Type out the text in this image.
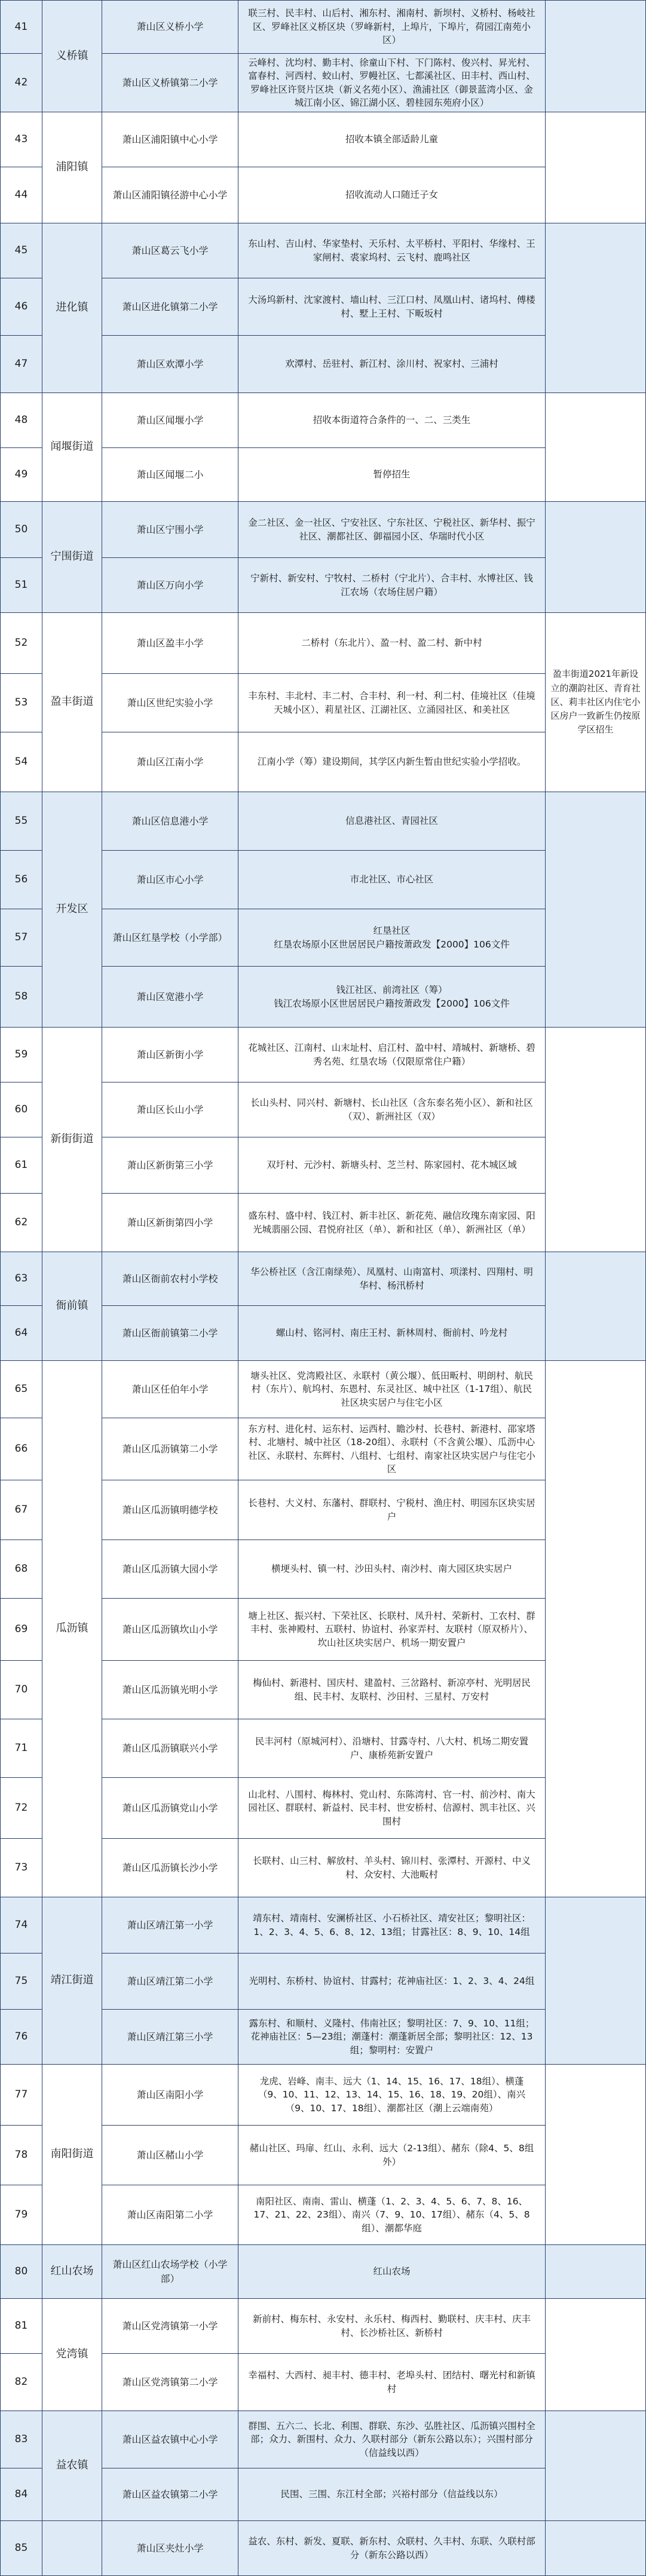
41	义桥镇	萧山区义桥小学	联三村、民丰村、山后村、湘东村、湘南村、新坝村、义桥村、杨岐社区、罗峰社区义桥区块（罗峰新村，上埠片，下埠片，荷园江南苑小区）	
42		萧山区义桥镇第二小学	云峰村、沈均村、勤丰村、徐童山下村、下门陈村、俊兴村、昇光村、富春村、河西村、蛟山村、罗幔社区、七都溪社区、田丰村、西山村、罗峰社区许贤片区块（新义名苑小区）、渔浦社区（御景蓝湾小区、金城江南小区、锦江湖小区、碧桂园东苑府小区）	
43	浦阳镇	萧山区浦阳镇中心小学	招收本镇全部适龄儿童	
44		萧山区浦阳镇径游中心小学	招收流动人口随迁子女	
45	进化镇	萧山区葛云飞小学	东山村、吉山村、华家垫村、天乐村、太平桥村、平阳村、华缘村、王家闸村、裘家坞村、云飞村、鹿鸣社区	
46		萧山区进化镇第二小学	大汤坞新村、沈家渡村、墙山村、三江口村、凤凰山村、诸坞村、傅楼村、墅上王村、下畈坂村	
47		萧山区欢潭小学	欢潭村、岳驻村、新江村、涂川村、祝家村、三浦村	
48	闻堰街道	萧山区闻堰小学	招收本街道符合条件的一、二、三类生	
49		萧山区闻堰二小	暂停招生	
50	宁围街道	萧山区宁围小学	金二社区、金一社区、宁安社区、宁东社区、宁税社区、新华村、振宁社区、潮都社区、御福园小区、华瑞时代小区	
51		萧山区万向小学	宁新村、新安村、宁牧村、二桥村（宁北片）、合丰村、水博社区、钱江农场（农场住居户籍）	
52	盈丰街道	萧山区盈丰小学	二桥村（东北片）、盈一村、盈二村、新中村	盈丰街道2021年新设立的潮韵社区、青育社区、莉丰社区内住宅小区房户一致新生仍按原学区招生
53		萧山区世纪实验小学	丰东村、丰北村、丰二村、合丰村、利一村、利二村、佳境社区（佳境天城小区）、莉星社区、江湖社区、立涌园社区、和美社区	
54		萧山区江南小学	江南小学（筹）建设期间，其学区内新生暂由世纪实验小学招收。	
55	开发区	萧山区信息港小学	信息港社区、青园社区	
56		萧山区市心小学	市北社区、市心社区	
57		萧山区红垦学校（小学部）	红垦社区
红垦农场原小区世居居民户籍按萧政发【2000】106文件	
58		萧山区宽港小学	钱江社区、前湾社区（筹）
钱江农场原小区世居居民户籍按萧政发【2000】106文件	
59	新街街道	萧山区新街小学	花城社区、江南村、山末址村、启江村、盈中村、靖城村、新塘桥、碧秀名苑、红垦农场（仅限原常住户籍）	
60		萧山区长山小学	长山头村、同兴村、新塘村、长山社区（含东泰名苑小区）、新和社区（双）、新洲社区（双）	
61		萧山区新街第三小学	双圩村、元沙村、新塘头村、芝兰村、陈家园村、花木城区域	
62		萧山区新街第四小学	盛东村、盛中村、钱江村、新丰社区、新花苑、融信玫瑰东南家园、阳光城翡丽公园、君悦府社区（单）、新和社区（单）、新洲社区（单）	
63	衙前镇	萧山区衙前农村小学校	华公桥社区（含江南绿苑）、凤凰村、山南富村、项漾村、四翔村、明华村、杨汛桥村	
64		萧山区衙前镇第二小学	螺山村、铭河村、南庄王村、新林周村、衙前村、吟龙村	
65	瓜沥镇	萧山区任伯年小学	塘头社区、党湾殿社区、永联村（黄公堰）、低田畈村、明朗村、航民村（东片）、航坞村、东恩村、东灵社区、城中社区（1-17组）、航民社区块实居户与住宅小区	
66		萧山区瓜沥镇第二小学	东方村、进化村、运东村、运西村、瞻沙村、长巷村、新港村、邵家塔村、北塘村、城中社区（18-20组）、永联村（不含黄公堰）、瓜沥中心社区、永联村、东辉村、八组村、七组村、南家社区块实居户与住宅小区	
67		萧山区瓜沥镇明德学校	长巷村、大义村、东藩村、群联村、宁税村、渔庄村、明园东区块实居户	
68		萧山区瓜沥镇大园小学	横埂头村、镇一村、沙田头村、南沙村、南大园区块实居户	
69		萧山区瓜沥镇坎山小学	塘上社区、振兴村、下荣社区、长联村、凤升村、荣新村、工农村、群丰村、张神殿村、五联村、协谊村、孙家弄村、友联村（原双桥片）、坎山社区块实居户、机场一期安置户	
70		萧山区瓜沥镇光明小学	梅仙村、新港村、国庆村、建盈村、三岔路村、新凉亭村、光明居民组、民丰村、友联村、沙田村、三星村、万安村	
71		萧山区瓜沥镇联兴小学	民丰河村（原城河村）、沿塘村、甘露寺村、八大村、机场二期安置户、康桥苑新安置户	
72		萧山区瓜沥镇党山小学	山北村、八围村、梅林村、党山村、东陈湾村、官一村、前沙村、南大园社区、群联村、新益村、民丰村、世安桥村、信源村、凯丰社区、兴围村	
73		萧山区瓜沥镇长沙小学	长联村、山三村、解放村、羊头村、锦川村、张潭村、开源村、中义村、众安村、大池畈村	
74	靖江街道	萧山区靖江第一小学	靖东村、靖南村、安澜桥社区、小石桥社区、靖安社区；黎明社区：1、2、3、4、5、6、8、12、13组；甘露社区：8、9、10、14组	
75		萧山区靖江第二小学	光明村、东桥村、协谊村、甘露村；花神庙社区：1、2、3、4、24组	
76		萧山区靖江第三小学	露东村、和顺村、义隆村、伟南社区；黎明社区：7、9、10、11组；花神庙社区：5—23组；潮蓬村：潮蓬新居全部；黎明社区：12、13组；黎明村：安置户	
77	南阳街道	萧山区南阳小学	龙虎、岩峰、南丰、远大（1、14、15、16、17、18组）、横蓬（9、10、11、12、13、14、15、16、18、19、20组）、南兴（9、10、17、18组）、潮都社区（潮上云端南苑）	
78		萧山区赭山小学	赭山社区、玛扉、红山、永利、远大（2-13组）、赭东（除4、5、8组外）	
79		萧山区南阳第二小学	南阳社区、南南、雷山、横蓬（1、2、3、4、5、6、7、8、16、17、21、22、23组）、南兴（7、9、10、17组）、赭东（4、5、8组）、潮都华庭	
80	红山农场	萧山区红山农场学校（小学部）	红山农场	
81	党湾镇	萧山区党湾镇第一小学	新前村、梅东村、永安村、永乐村、梅西村、勤联村、庆丰村、庆丰村、长沙桥社区、新桥村	
82		萧山区党湾镇第二小学	幸福村、大西村、昶丰村、德丰村、老埠头村、团结村、曙光村和新镇村	
83	益农镇	萧山区益农镇中心小学	群围、五六二、长北、利围、群联、东沙、弘胜社区、瓜沥镇兴围村全部；众力、新围村、众力、久联村部分（新东公路以东）；兴围村部分（信益线以西）	
84		萧山区益农镇第二小学	民围、三围、东江村全部；兴裕村部分（信益线以东）	
85		萧山区夹灶小学	益农、东村、新发、夏联、新东村、众联村、久丰村、东联、久联村部分（新东公路以西）	
